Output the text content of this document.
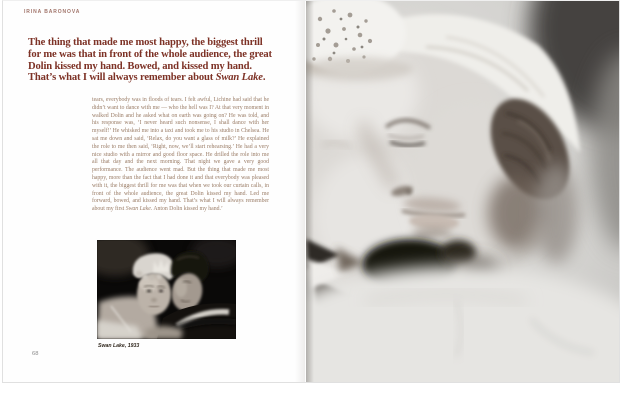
IRINA BARONOVA
The thing that made me most happy, the biggest thrill
for me was that in front of the whole audience, the great
Dolin kissed my hand. Bowed, and kissed my hand.
That’s what I will always remember about Swan Lake.
tears, everybody was in floods of tears. I felt awful, Lichine had said that he didn’t want to dance with me — who the hell was I? At that very moment in walked Dolin and he asked what on earth was going on? He was told, and his response was, ‘I never heard such nonsense, I shall dance with her myself!’ He whisked me into a taxi and took me to his studio in Chelsea. He sat me down and said, ‘Relax, do you want a glass of milk?’ He explained the role to me then said, ‘Right, now, we’ll start rehearsing.’ He had a very nice studio with a mirror and good floor space. He drilled the role into me all that day and the next morning. That night we gave a very good performance. The audience went mad. But the thing that made me most happy, more than the fact that I had done it and that everybody was pleased with it, the biggest thrill for me was that when we took our curtain calls, in front of the whole audience, the great Dolin kissed my hand. Led me forward, bowed, and kissed my hand. That’s what I will always remember about my first Swan Lake. Anton Dolin kissed my hand.’
Swan Lake, 1933
68
